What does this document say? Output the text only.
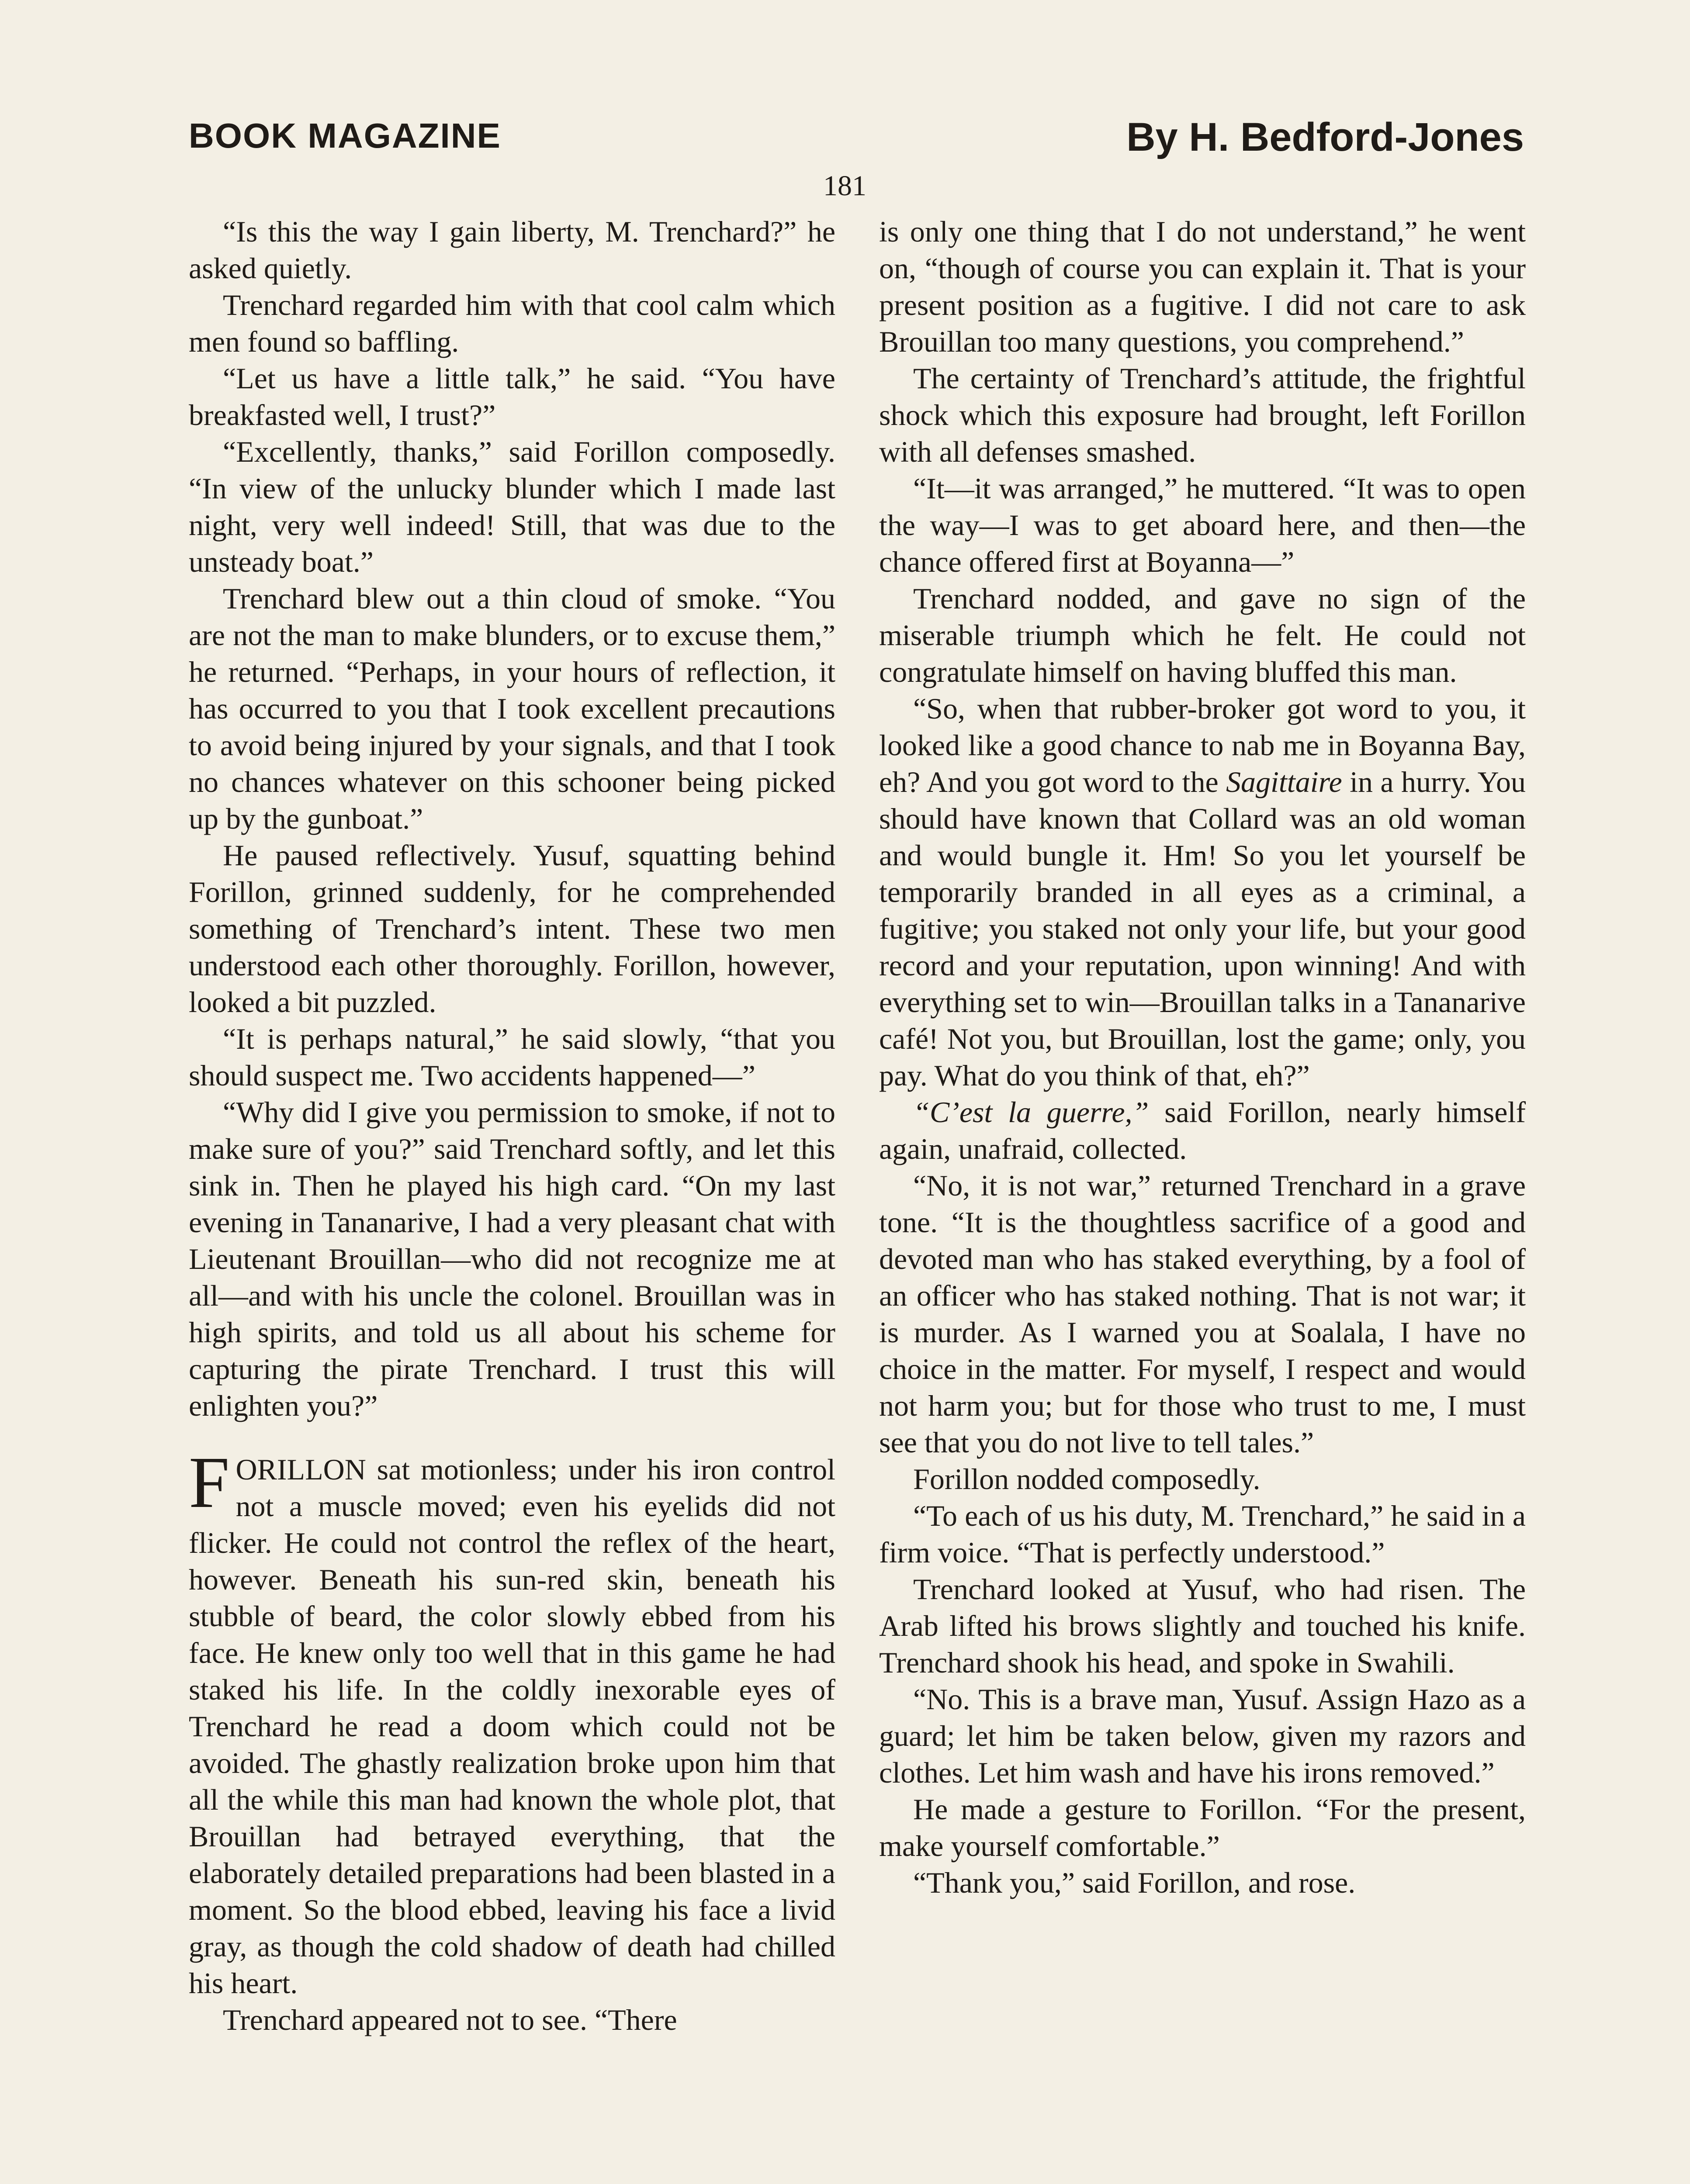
BOOK MAGAZINE	By H. Bedford-Jones
181

“Is this the way I gain liberty, M. Trenchard?” he asked quietly.

Trenchard regarded him with that cool calm which men found so baffling.

“Let us have a little talk,” he said. “You have breakfasted well, I trust?”

“Excellently, thanks,” said Forillon composedly. “In view of the unlucky blunder which I made last night, very well indeed! Still, that was due to the unsteady boat.”

Trenchard blew out a thin cloud of smoke. “You are not the man to make blunders, or to excuse them,” he returned. “Perhaps, in your hours of reflection, it has occurred to you that I took excellent precautions to avoid being injured by your signals, and that I took no chances whatever on this schooner being picked up by the gunboat.”

He paused reflectively. Yusuf, squatting behind Forillon, grinned suddenly, for he comprehended something of Trenchard’s intent. These two men understood each other thoroughly. Forillon, however, looked a bit puzzled.

“It is perhaps natural,” he said slowly, “that you should suspect me. Two accidents happened—”

“Why did I give you permission to smoke, if not to make sure of you?” said Trenchard softly, and let this sink in. Then he played his high card. “On my last evening in Tananarive, I had a very pleasant chat with Lieutenant Brouillan—who did not recognize me at all—and with his uncle the colonel. Brouillan was in high spirits, and told us all about his scheme for capturing the pirate Trenchard. I trust this will enlighten you?”

FORILLON sat motionless; under his iron control not a muscle moved; even his eyelids did not flicker. He could not control the reflex of the heart, however. Beneath his sun-red skin, beneath his stubble of beard, the color slowly ebbed from his face. He knew only too well that in this game he had staked his life. In the coldly inexorable eyes of Trenchard he read a doom which could not be avoided. The ghastly realization broke upon him that all the while this man had known the whole plot, that Brouillan had betrayed everything, that the elaborately detailed preparations had been blasted in a moment. So the blood ebbed, leaving his face a livid gray, as though the cold shadow of death had chilled his heart.

Trenchard appeared not to see. “There

is only one thing that I do not understand,” he went on, “though of course you can explain it. That is your present position as a fugitive. I did not care to ask Brouillan too many questions, you comprehend.”

The certainty of Trenchard’s attitude, the frightful shock which this exposure had brought, left Forillon with all defenses smashed.

“It—it was arranged,” he muttered. “It was to open the way—I was to get aboard here, and then—the chance offered first at Boyanna—”

Trenchard nodded, and gave no sign of the miserable triumph which he felt. He could not congratulate himself on having bluffed this man.

“So, when that rubber-broker got word to you, it looked like a good chance to nab me in Boyanna Bay, eh? And you got word to the Sagittaire in a hurry. You should have known that Collard was an old woman and would bungle it. Hm! So you let yourself be temporarily branded in all eyes as a criminal, a fugitive; you staked not only your life, but your good record and your reputation, upon winning! And with everything set to win—Brouillan talks in a Tananarive café! Not you, but Brouillan, lost the game; only, you pay. What do you think of that, eh?”

“C’est la guerre,” said Forillon, nearly himself again, unafraid, collected.

“No, it is not war,” returned Trenchard in a grave tone. “It is the thoughtless sacrifice of a good and devoted man who has staked everything, by a fool of an officer who has staked nothing. That is not war; it is murder. As I warned you at Soalala, I have no choice in the matter. For myself, I respect and would not harm you; but for those who trust to me, I must see that you do not live to tell tales.”

Forillon nodded composedly.

“To each of us his duty, M. Trenchard,” he said in a firm voice. “That is perfectly understood.”

Trenchard looked at Yusuf, who had risen. The Arab lifted his brows slightly and touched his knife. Trenchard shook his head, and spoke in Swahili.

“No. This is a brave man, Yusuf. Assign Hazo as a guard; let him be taken below, given my razors and clothes. Let him wash and have his irons removed.”

He made a gesture to Forillon. “For the present, make yourself comfortable.”

“Thank you,” said Forillon, and rose.
